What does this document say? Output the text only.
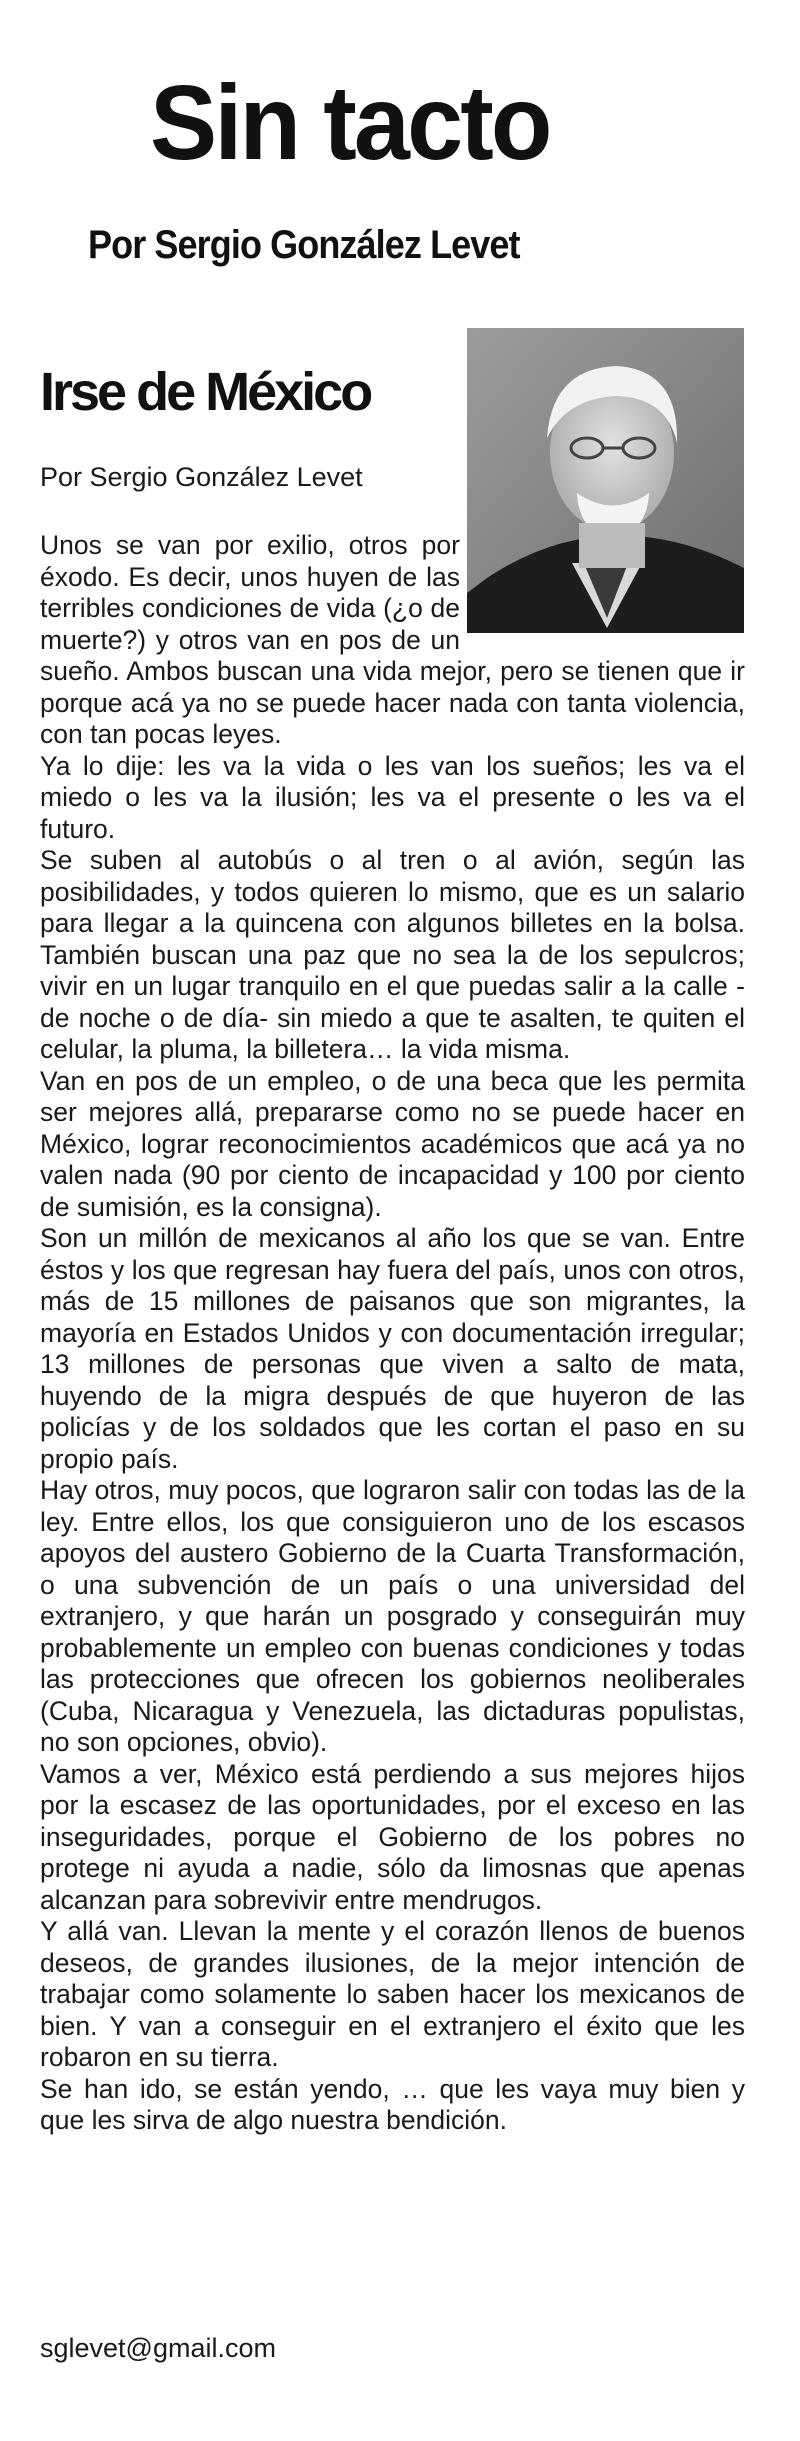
Sin tacto
Por Sergio González Levet
Irse de México

Por Sergio González Levet

Unos se van por exilio, otros por éxodo. Es decir, unos huyen de las terribles condiciones de vida (¿o de muerte?) y otros van en pos de un sueño. Ambos buscan una vida mejor, pero se tienen que ir porque acá ya no se puede hacer nada con tanta violencia, con tan pocas leyes.

Ya lo dije: les va la vida o les van los sueños; les va el miedo o les va la ilusión; les va el presente o les va el futuro.

Se suben al autobús o al tren o al avión, según las posibilidades, y todos quieren lo mismo, que es un salario para llegar a la quincena con algunos billetes en la bolsa. También buscan una paz que no sea la de los sepulcros; vivir en un lugar tranquilo en el que puedas salir a la calle -de noche o de día- sin miedo a que te asalten, te quiten el celular, la pluma, la billetera… la vida misma.

Van en pos de un empleo, o de una beca que les permita ser mejores allá, prepararse como no se puede hacer en México, lograr reconocimientos académicos que acá ya no valen nada (90 por ciento de incapacidad y 100 por ciento de sumisión, es la consigna).

Son un millón de mexicanos al año los que se van. Entre éstos y los que regresan hay fuera del país, unos con otros, más de 15 millones de paisanos que son migrantes, la mayoría en Estados Unidos y con documentación irregular; 13 millones de personas que viven a salto de mata, huyendo de la migra después de que huyeron de las policías y de los soldados que les cortan el paso en su propio país.

Hay otros, muy pocos, que lograron salir con todas las de la ley. Entre ellos, los que consiguieron uno de los escasos apoyos del austero Gobierno de la Cuarta Transformación, o una subvención de un país o una universidad del extranjero, y que harán un posgrado y conseguirán muy probablemente un empleo con buenas condiciones y todas las protecciones que ofrecen los gobiernos neoliberales (Cuba, Nicaragua y Venezuela, las dictaduras populistas, no son opciones, obvio).

Vamos a ver, México está perdiendo a sus mejores hijos por la escasez de las oportunidades, por el exceso en las inseguridades, porque el Gobierno de los pobres no protege ni ayuda a nadie, sólo da limosnas que apenas alcanzan para sobrevivir entre mendrugos.

Y allá van. Llevan la mente y el corazón llenos de buenos deseos, de grandes ilusiones, de la mejor intención de trabajar como solamente lo saben hacer los mexicanos de bien. Y van a conseguir en el extranjero el éxito que les robaron en su tierra.

Se han ido, se están yendo, … que les vaya muy bien y que les sirva de algo nuestra bendición.

sglevet@gmail.com
